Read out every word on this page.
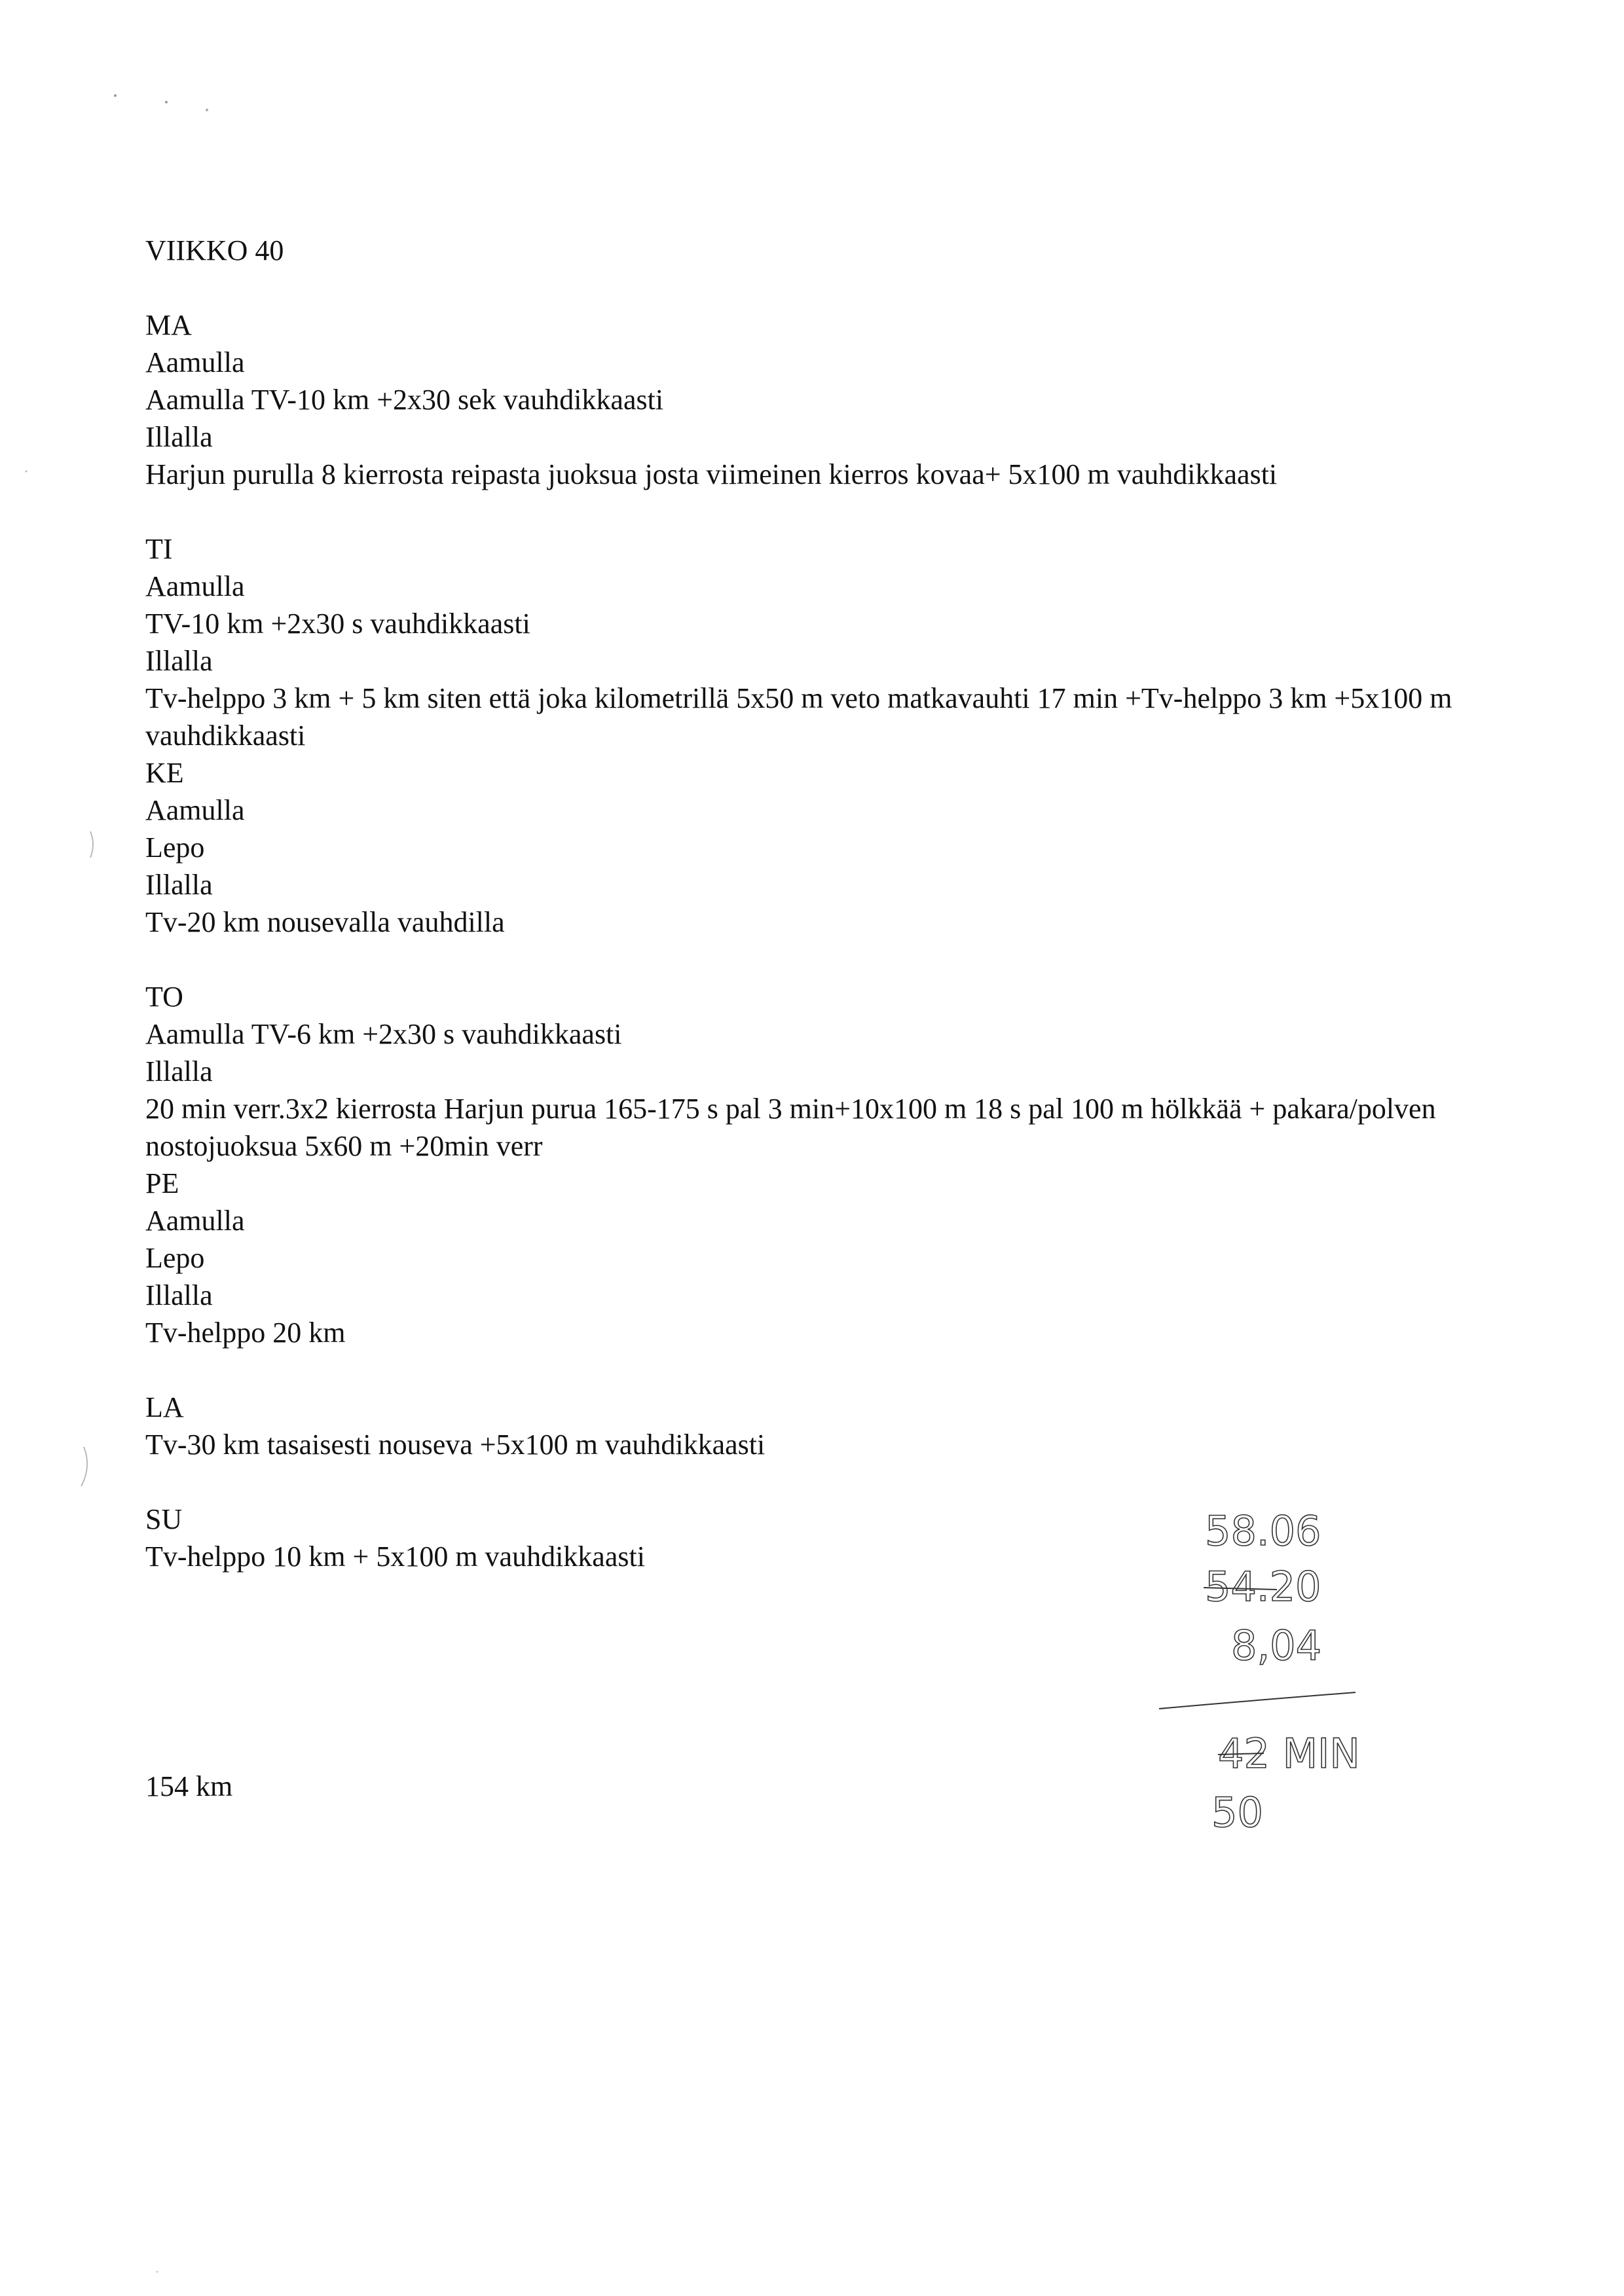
VIIKKO 40
MA
Aamulla
Aamulla TV-10 km +2x30 sek vauhdikkaasti
Illalla
Harjun purulla 8 kierrosta reipasta juoksua josta viimeinen kierros kovaa+ 5x100 m vauhdikkaasti
TI
Aamulla
TV-10 km +2x30 s vauhdikkaasti
Illalla
Tv-helppo 3 km + 5 km siten että joka kilometrillä 5x50 m veto matkavauhti 17 min +Tv-helppo 3 km +5x100 m vauhdikkaasti
KE
Aamulla
Lepo
Illalla
Tv-20 km nousevalla vauhdilla
TO
Aamulla TV-6 km +2x30 s vauhdikkaasti
Illalla
20 min verr.3x2 kierrosta Harjun purua 165-175 s pal 3 min+10x100 m 18 s pal 100 m hölkkää + pakara/polven nostojuoksua 5x60 m +20min verr
PE
Aamulla
Lepo
Illalla
Tv-helppo 20 km
LA
Tv-30 km tasaisesti nouseva +5x100 m vauhdikkaasti
SU
Tv-helppo 10 km + 5x100 m vauhdikkaasti
154 km
58.06
54.20
8,04
42 MIN
50
